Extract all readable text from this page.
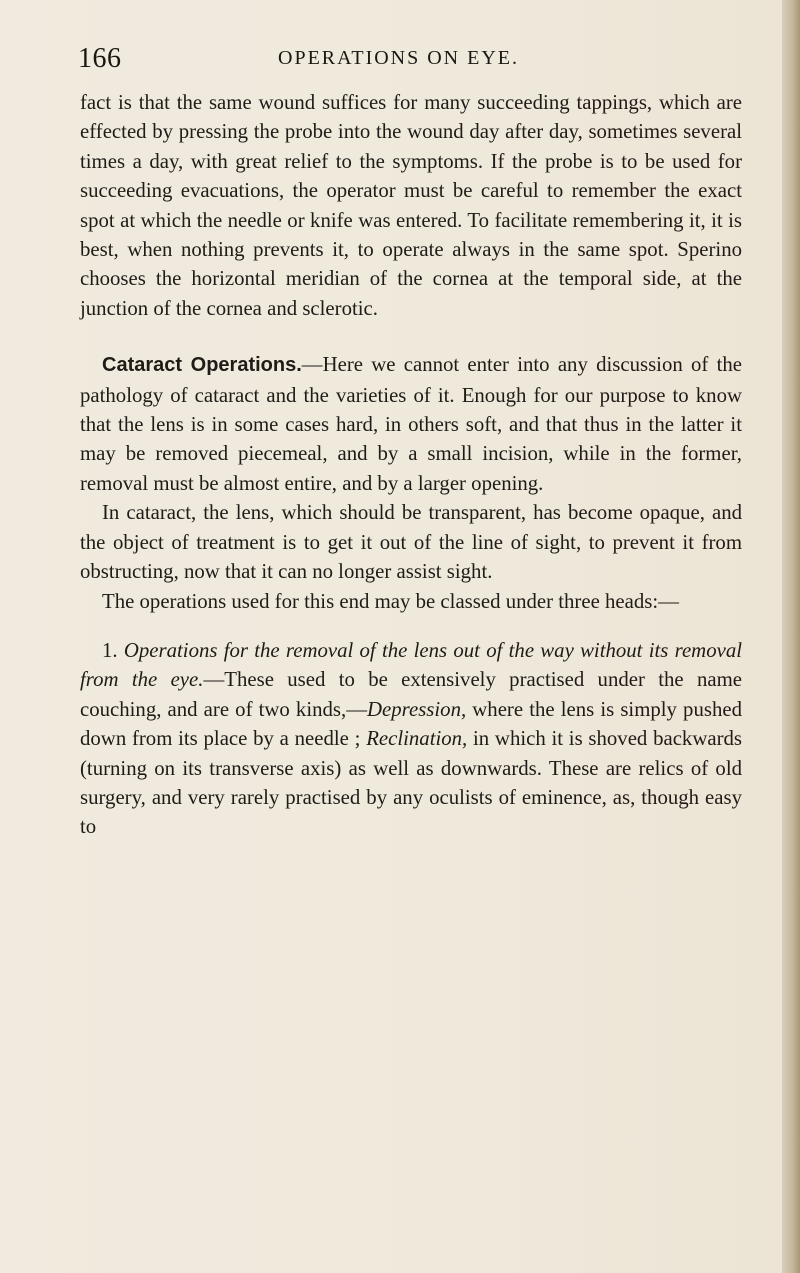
166	OPERATIONS ON EYE.

fact is that the same wound suffices for many succeeding tappings, which are effected by pressing the probe into the wound day after day, sometimes several times a day, with great relief to the symptoms. If the probe is to be used for succeeding evacuations, the operator must be careful to remember the exact spot at which the needle or knife was entered. To facilitate remembering it, it is best, when nothing prevents it, to operate always in the same spot. Sperino chooses the horizontal meridian of the cornea at the temporal side, at the junction of the cornea and sclerotic.

Cataract Operations.—Here we cannot enter into any discussion of the pathology of cataract and the varieties of it. Enough for our purpose to know that the lens is in some cases hard, in others soft, and that thus in the latter it may be removed piecemeal, and by a small incision, while in the former, removal must be almost entire, and by a larger opening.

In cataract, the lens, which should be transparent, has become opaque, and the object of treatment is to get it out of the line of sight, to prevent it from obstructing, now that it can no longer assist sight.

The operations used for this end may be classed under three heads:—

1. Operations for the removal of the lens out of the way without its removal from the eye.—These used to be extensively practised under the name couching, and are of two kinds,—Depression, where the lens is simply pushed down from its place by a needle ; Reclination, in which it is shoved backwards (turning on its transverse axis) as well as downwards. These are relics of old surgery, and very rarely practised by any oculists of eminence, as, though easy to
